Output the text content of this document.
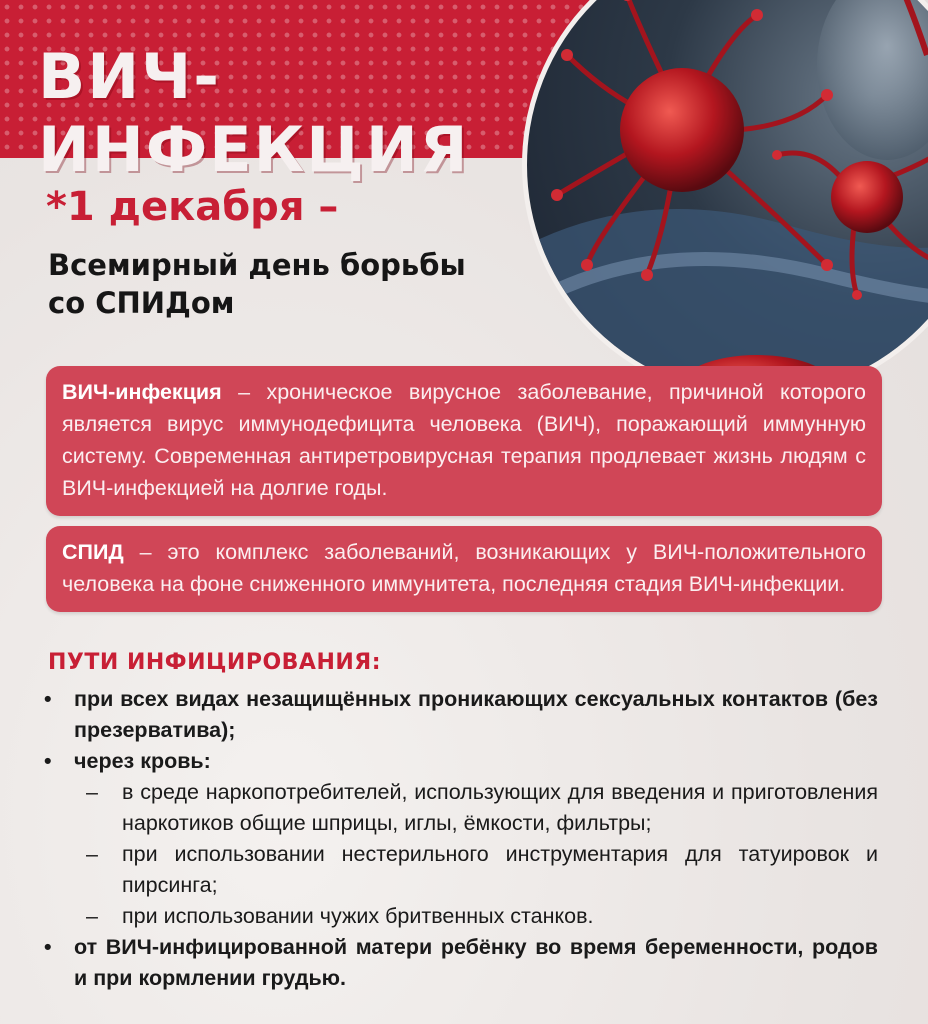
ВИЧ-ИНФЕКЦИЯ
*1 декабря –
Всемирный день борьбы со СПИДом
ВИЧ-инфекция – хроническое вирусное заболевание, причиной которого является вирус иммунодефицита человека (ВИЧ), поражающий иммунную систему. Современная антиретровирусная терапия продлевает жизнь людям с ВИЧ-инфекцией на долгие годы.
СПИД – это комплекс заболеваний, возникающих у ВИЧ-положительного человека на фоне сниженного иммунитета, последняя стадия ВИЧ-инфекции.
ПУТИ ИНФИЦИРОВАНИЯ:
• при всех видах незащищённых проникающих сексуальных контактов (без презерватива);
• через кровь:
– в среде наркопотребителей, использующих для введения и приготовления наркотиков общие шприцы, иглы, ёмкости, фильтры;
– при использовании нестерильного инструментария для татуировок и пирсинга;
– при использовании чужих бритвенных станков.
• от ВИЧ-инфицированной матери ребёнку во время беременности, родов и при кормлении грудью.
